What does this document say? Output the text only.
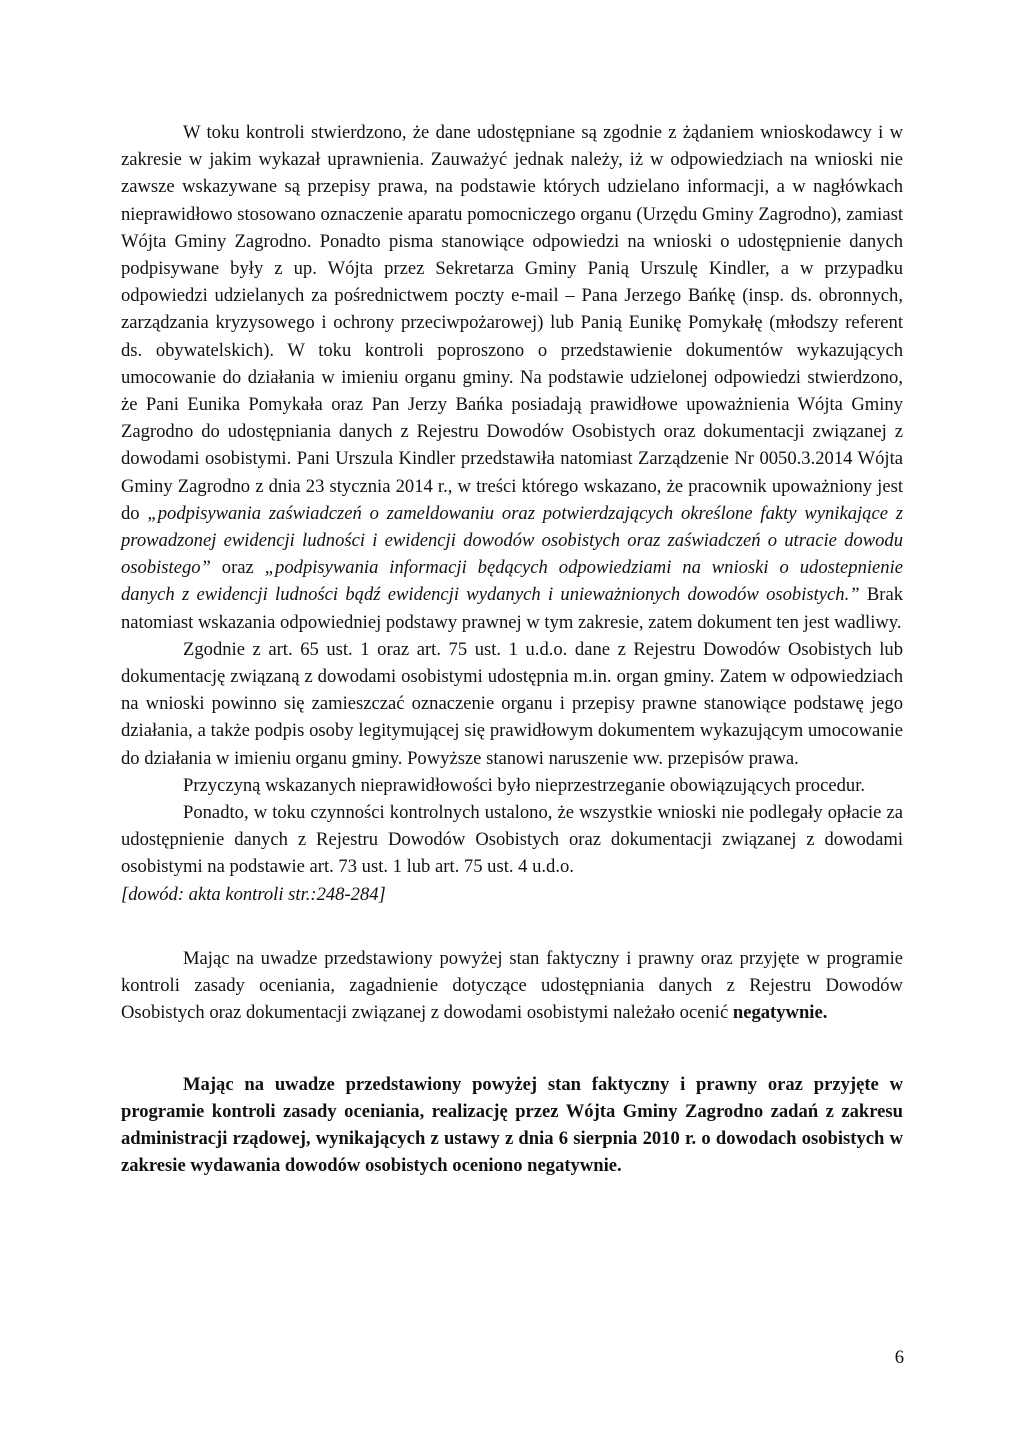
W toku kontroli stwierdzono, że dane udostępniane są zgodnie z żądaniem wnioskodawcy i w zakresie w jakim wykazał uprawnienia. Zauważyć jednak należy, iż w odpowiedziach na wnioski nie zawsze wskazywane są przepisy prawa, na podstawie których udzielano informacji, a w nagłówkach nieprawidłowo stosowano oznaczenie aparatu pomocniczego organu (Urzędu Gminy Zagrodno), zamiast Wójta Gminy Zagrodno. Ponadto pisma stanowiące odpowiedzi na wnioski o udostępnienie danych podpisywane były z up. Wójta przez Sekretarza Gminy Panią Urszulę Kindler, a w przypadku odpowiedzi udzielanych za pośrednictwem poczty e-mail – Pana Jerzego Bańkę (insp. ds. obronnych, zarządzania kryzysowego i ochrony przeciwpożarowej) lub Panią Eunikę Pomykałę (młodszy referent ds. obywatelskich). W toku kontroli poproszono o przedstawienie dokumentów wykazujących umocowanie do działania w imieniu organu gminy. Na podstawie udzielonej odpowiedzi stwierdzono, że Pani Eunika Pomykała oraz Pan Jerzy Bańka posiadają prawidłowe upoważnienia Wójta Gminy Zagrodno do udostępniania danych z Rejestru Dowodów Osobistych oraz dokumentacji związanej z dowodami osobistymi. Pani Urszula Kindler przedstawiła natomiast Zarządzenie Nr 0050.3.2014 Wójta Gminy Zagrodno z dnia 23 stycznia 2014 r., w treści którego wskazano, że pracownik upoważniony jest do „podpisywania zaświadczeń o zameldowaniu oraz potwierdzających określone fakty wynikające z prowadzonej ewidencji ludności i ewidencji dowodów osobistych oraz zaświadczeń o utracie dowodu osobistego” oraz „podpisywania informacji będących odpowiedziami na wnioski o udostepnienie danych z ewidencji ludności bądź ewidencji wydanych i unieważnionych dowodów osobistych.” Brak natomiast wskazania odpowiedniej podstawy prawnej w tym zakresie, zatem dokument ten jest wadliwy.

Zgodnie z art. 65 ust. 1 oraz art. 75 ust. 1 u.d.o. dane z Rejestru Dowodów Osobistych lub dokumentację związaną z dowodami osobistymi udostępnia m.in. organ gminy. Zatem w odpowiedziach na wnioski powinno się zamieszczać oznaczenie organu i przepisy prawne stanowiące podstawę jego działania, a także podpis osoby legitymującej się prawidłowym dokumentem wykazującym umocowanie do działania w imieniu organu gminy. Powyższe stanowi naruszenie ww. przepisów prawa.

Przyczyną wskazanych nieprawidłowości było nieprzestrzeganie obowiązujących procedur.

Ponadto, w toku czynności kontrolnych ustalono, że wszystkie wnioski nie podlegały opłacie za udostępnienie danych z Rejestru Dowodów Osobistych oraz dokumentacji związanej z dowodami osobistymi na podstawie art. 73 ust. 1 lub art. 75 ust. 4 u.d.o.

[dowód: akta kontroli str.:248-284]

Mając na uwadze przedstawiony powyżej stan faktyczny i prawny oraz przyjęte w programie kontroli zasady oceniania, zagadnienie dotyczące udostępniania danych z Rejestru Dowodów Osobistych oraz dokumentacji związanej z dowodami osobistymi należało ocenić negatywnie.

Mając na uwadze przedstawiony powyżej stan faktyczny i prawny oraz przyjęte w programie kontroli zasady oceniania, realizację przez Wójta Gminy Zagrodno zadań z zakresu administracji rządowej, wynikających z ustawy z dnia 6 sierpnia 2010 r. o dowodach osobistych w zakresie wydawania dowodów osobistych oceniono negatywnie.

6
